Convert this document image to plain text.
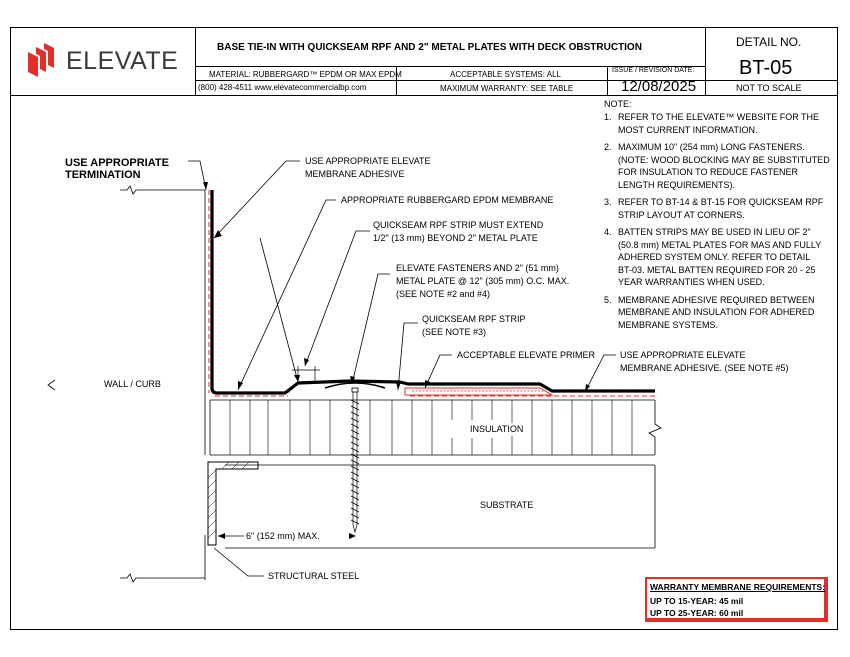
ELEVATE	BASE TIE-IN WITH QUICKSEAM RPF AND 2" METAL PLATES WITH DECK OBSTRUCTION
MATERIAL: RUBBERGARD™ EPDM OR MAX EPDM	ACCEPTABLE SYSTEMS: ALL	ISSUE / REVISION DATE:
12/08/2025
(800) 428-4511 www.elevatecommercialbp.com	MAXIMUM WARRANTY: SEE TABLE
DETAIL NO.
BT-05
NOT TO SCALE
USE APPROPRIATE
TERMINATION
USE APPROPRIATE ELEVATE
MEMBRANE ADHESIVE
APPROPRIATE RUBBERGARD EPDM MEMBRANE
QUICKSEAM RPF STRIP MUST EXTEND
1/2" (13 mm) BEYOND 2" METAL PLATE
ELEVATE FASTENERS AND 2" (51 mm)
METAL PLATE @ 12" (305 mm) O.C. MAX.
(SEE NOTE #2 and #4)
QUICKSEAM RPF STRIP
(SEE NOTE #3)
ACCEPTABLE ELEVATE PRIMER	USE APPROPRIATE ELEVATE
MEMBRANE ADHESIVE. (SEE NOTE #5)
WALL / CURB
INSULATION
SUBSTRATE
6" (152 mm) MAX.
STRUCTURAL STEEL
NOTE:
1. REFER TO THE ELEVATE™ WEBSITE FOR THE
MOST CURRENT INFORMATION.
2. MAXIMUM 10" (254 mm) LONG FASTENERS.
(NOTE: WOOD BLOCKING MAY BE SUBSTITUTED
FOR INSULATION TO REDUCE FASTENER
LENGTH REQUIREMENTS).
3. REFER TO BT-14 & BT-15 FOR QUICKSEAM RPF
STRIP LAYOUT AT CORNERS.
4. BATTEN STRIPS MAY BE USED IN LIEU OF 2"
(50.8 mm) METAL PLATES FOR MAS AND FULLY
ADHERED SYSTEM ONLY. REFER TO DETAIL
BT-03. METAL BATTEN REQUIRED FOR 20 - 25
YEAR WARRANTIES WHEN USED.
5. MEMBRANE ADHESIVE REQUIRED BETWEEN
MEMBRANE AND INSULATION FOR ADHERED
MEMBRANE SYSTEMS.
WARRANTY MEMBRANE REQUIREMENTS:
UP TO 15-YEAR: 45 mil
UP TO 25-YEAR: 60 mil
